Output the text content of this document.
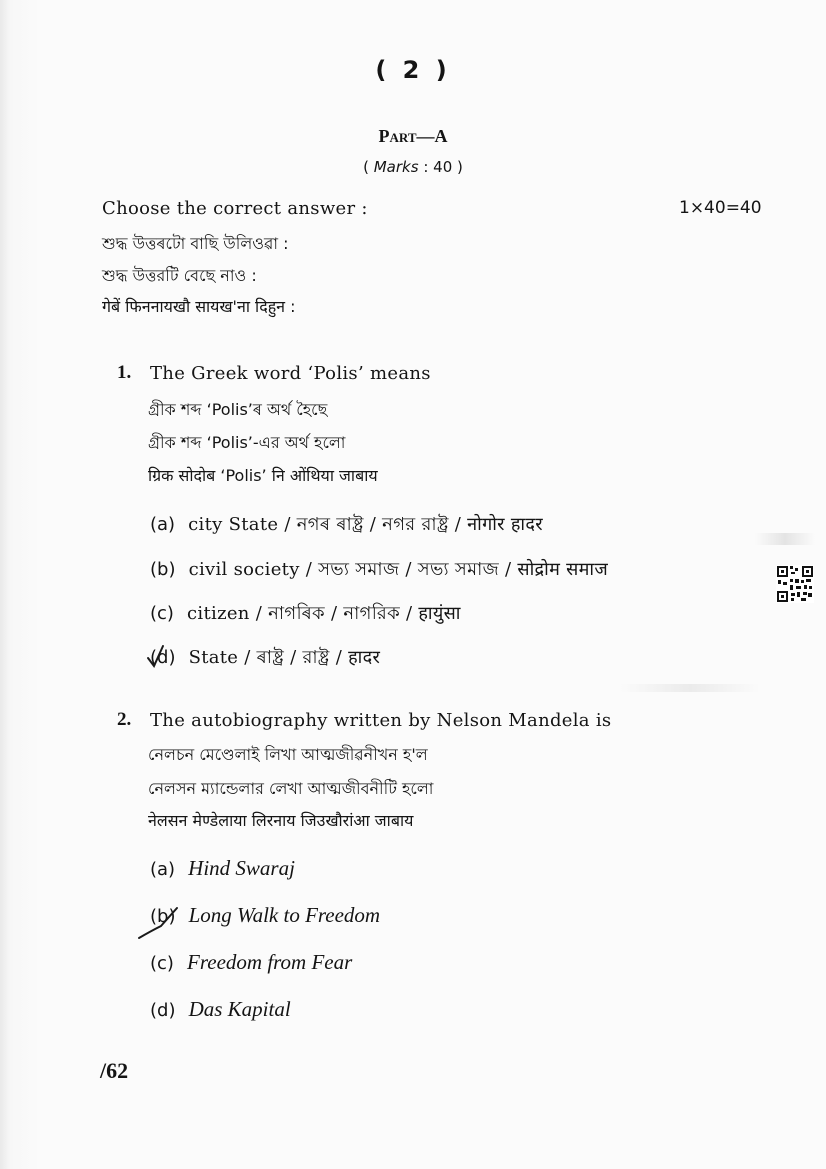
( 2 )
Part—A
( Marks : 40 )
Choose the correct answer :	1×40=40
শুদ্ধ উত্তৰটো বাছি উলিওৱা :
শুদ্ধ উত্তরটি বেছে নাও :
गेबें फिननायखौ सायख'ना दिहुन :
1. The Greek word ‘Polis’ means
গ্ৰীক শব্দ ‘Polis’ৰ অৰ্থ হৈছে
গ্রীক শব্দ ‘Polis’-এর অর্থ হলো
ग्रिक सोदोब ‘Polis’ नि ओंथिया जाबाय
(a) city State / নগৰ ৰাষ্ট্ৰ / নগর রাষ্ট্র / नोगोर हादर
(b) civil society / সভ্য সমাজ / সভ্য সমাজ / सोद्रोम समाज
(c) citizen / নাগৰিক / নাগরিক / हायुंसा
(d) State / ৰাষ্ট্ৰ / রাষ্ট্র / हादर
2. The autobiography written by Nelson Mandela is
নেলচন মেণ্ডেলাই লিখা আত্মজীৱনীখন হ'ল
নেলসন ম্যান্ডেলার লেখা আত্মজীবনীটি হলো
नेलसन मेण्डेलाया लिरनाय जिउखौरांआ जाबाय
(a) Hind Swaraj
(b) Long Walk to Freedom
(c) Freedom from Fear
(d) Das Kapital
/62
